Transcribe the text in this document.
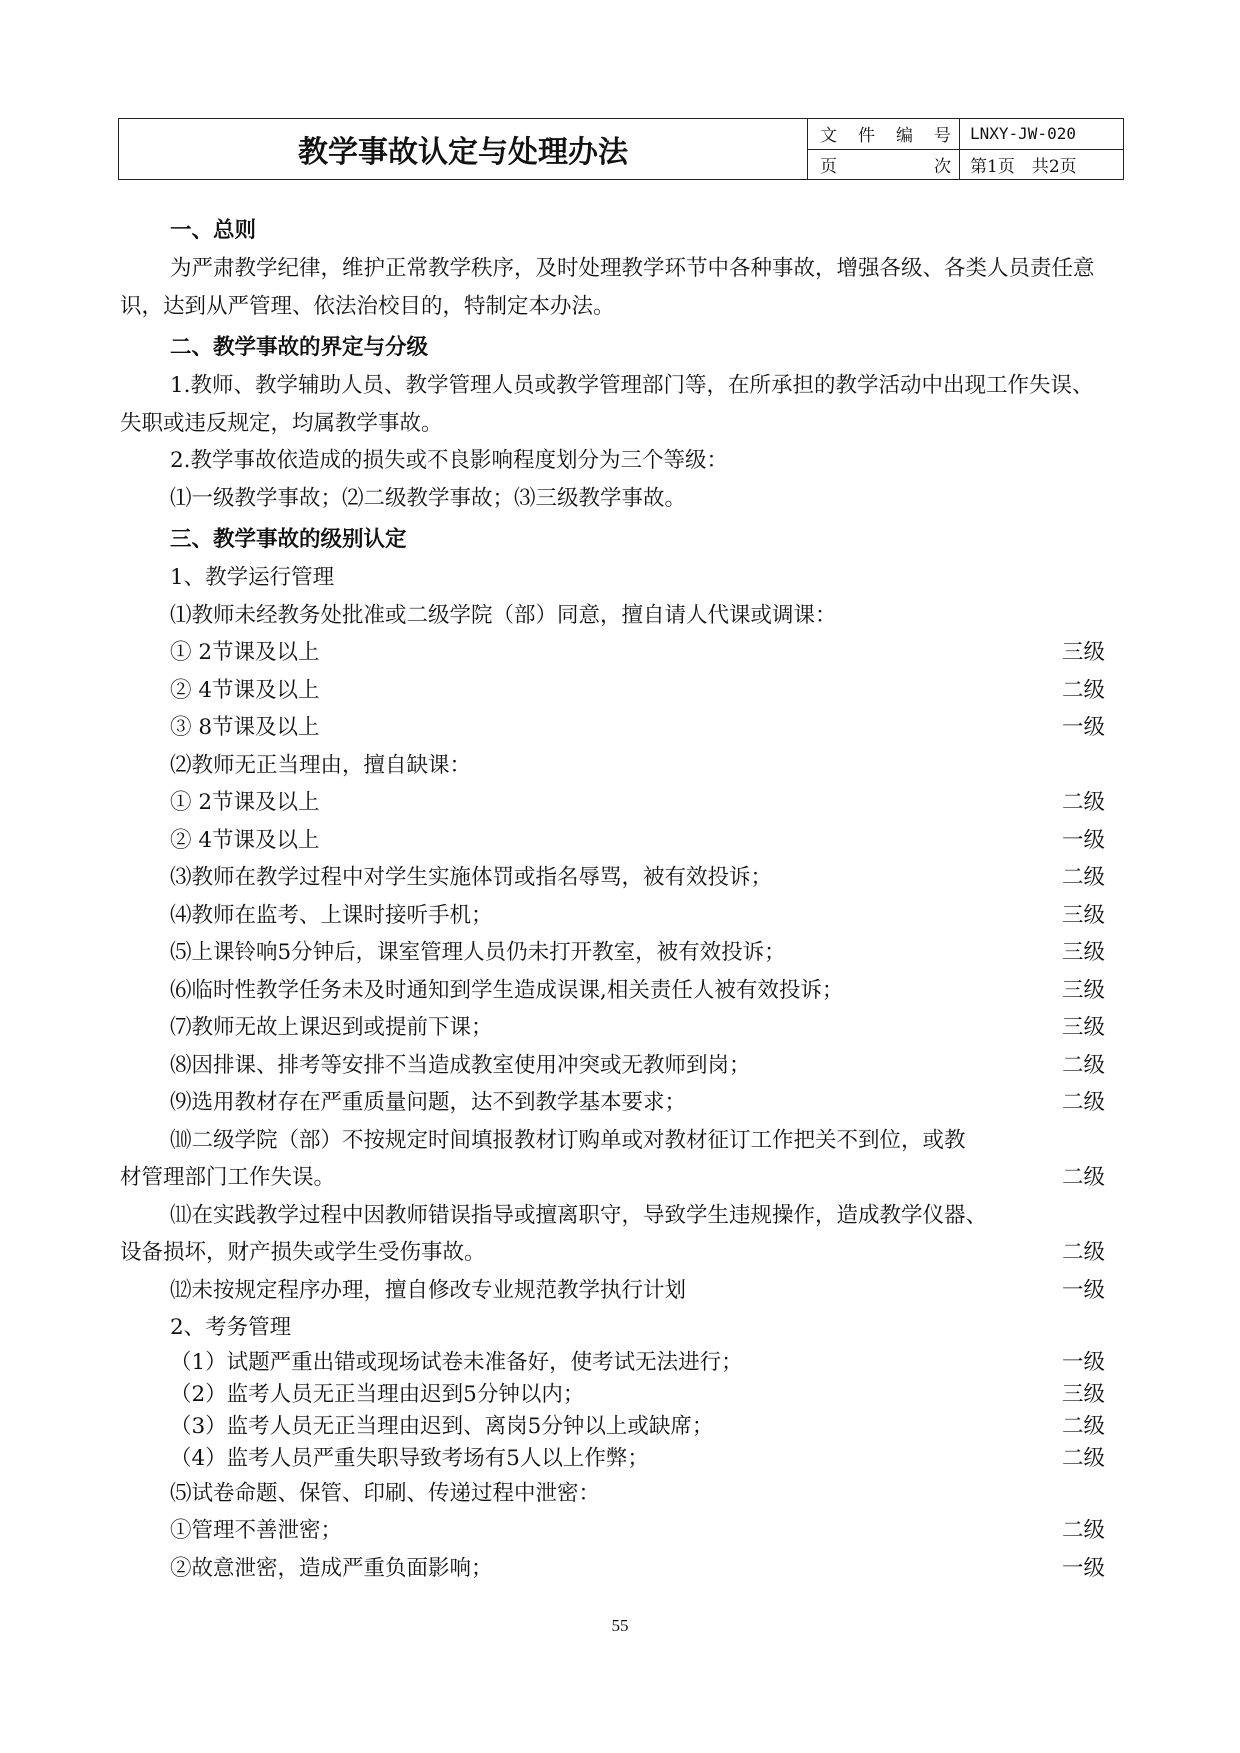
教学事故认定与处理办法	文 件 编 号	LNXY-JW-020
页	次	第1页　共2页
一、总则

为严肃教学纪律，维护正常教学秩序，及时处理教学环节中各种事故，增强各级、各类人员责任意识，达到从严管理、依法治校目的，特制定本办法。

二、教学事故的界定与分级

1.教师、教学辅助人员、教学管理人员或教学管理部门等，在所承担的教学活动中出现工作失误、失职或违反规定，均属教学事故。

2.教学事故依造成的损失或不良影响程度划分为三个等级：

⑴一级教学事故；⑵二级教学事故；⑶三级教学事故。

三、教学事故的级别认定

1、教学运行管理

⑴教师未经教务处批准或二级学院（部）同意，擅自请人代课或调课：

① 2节课及以上	三级
② 4节课及以上	二级
③ 8节课及以上	一级

⑵教师无正当理由，擅自缺课：

① 2节课及以上	二级
② 4节课及以上	一级
⑶教师在教学过程中对学生实施体罚或指名辱骂，被有效投诉；	二级
⑷教师在监考、上课时接听手机；	三级
⑸上课铃响5分钟后，课室管理人员仍未打开教室，被有效投诉；	三级
⑹临时性教学任务未及时通知到学生造成误课,相关责任人被有效投诉；	三级
⑺教师无故上课迟到或提前下课；	三级
⑻因排课、排考等安排不当造成教室使用冲突或无教师到岗；	二级
⑼选用教材存在严重质量问题，达不到教学基本要求；	二级
⑽二级学院（部）不按规定时间填报教材订购单或对教材征订工作把关不到位，或教
材管理部门工作失误。	二级
⑾在实践教学过程中因教师错误指导或擅离职守，导致学生违规操作，造成教学仪器、
设备损坏，财产损失或学生受伤事故。	二级
⑿未按规定程序办理，擅自修改专业规范教学执行计划	一级

2、考务管理

（1）试题严重出错或现场试卷未准备好，使考试无法进行；	一级
（2）监考人员无正当理由迟到5分钟以内；	三级
（3）监考人员无正当理由迟到、离岗5分钟以上或缺席；	二级
（4）监考人员严重失职导致考场有5人以上作弊；	二级

⑸试卷命题、保管、印刷、传递过程中泄密：

①管理不善泄密；	二级
②故意泄密，造成严重负面影响；	一级
55
